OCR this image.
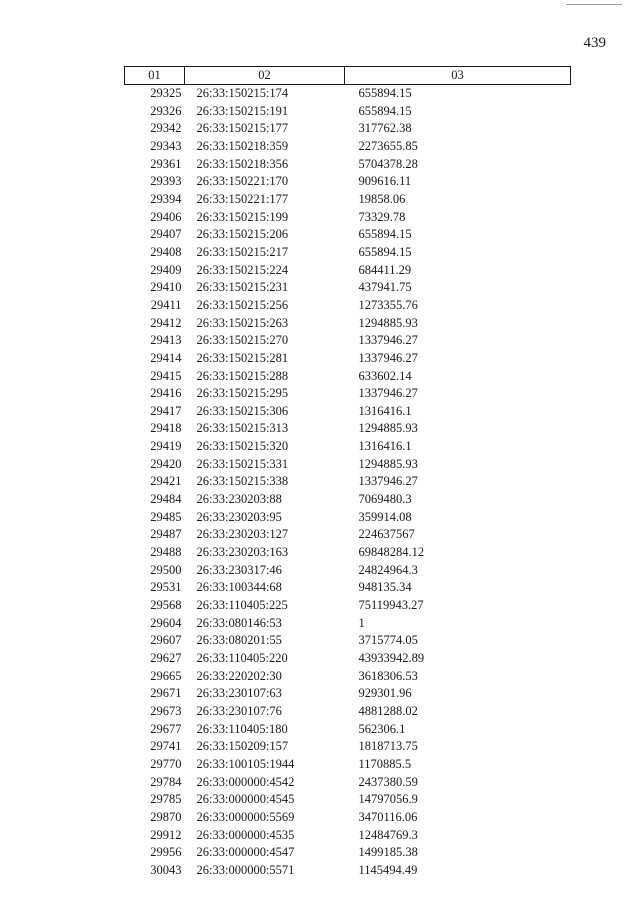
439
01	02	03
29325	26:33:150215:174	655894.15
29326	26:33:150215:191	655894.15
29342	26:33:150215:177	317762.38
29343	26:33:150218:359	2273655.85
29361	26:33:150218:356	5704378.28
29393	26:33:150221:170	909616.11
29394	26:33:150221:177	19858.06
29406	26:33:150215:199	73329.78
29407	26:33:150215:206	655894.15
29408	26:33:150215:217	655894.15
29409	26:33:150215:224	684411.29
29410	26:33:150215:231	437941.75
29411	26:33:150215:256	1273355.76
29412	26:33:150215:263	1294885.93
29413	26:33:150215:270	1337946.27
29414	26:33:150215:281	1337946.27
29415	26:33:150215:288	633602.14
29416	26:33:150215:295	1337946.27
29417	26:33:150215:306	1316416.1
29418	26:33:150215:313	1294885.93
29419	26:33:150215:320	1316416.1
29420	26:33:150215:331	1294885.93
29421	26:33:150215:338	1337946.27
29484	26:33:230203:88	7069480.3
29485	26:33:230203:95	359914.08
29487	26:33:230203:127	224637567
29488	26:33:230203:163	69848284.12
29500	26:33:230317:46	24824964.3
29531	26:33:100344:68	948135.34
29568	26:33:110405:225	75119943.27
29604	26:33:080146:53	1
29607	26:33:080201:55	3715774.05
29627	26:33:110405:220	43933942.89
29665	26:33:220202:30	3618306.53
29671	26:33:230107:63	929301.96
29673	26:33:230107:76	4881288.02
29677	26:33:110405:180	562306.1
29741	26:33:150209:157	1818713.75
29770	26:33:100105:1944	1170885.5
29784	26:33:000000:4542	2437380.59
29785	26:33:000000:4545	14797056.9
29870	26:33:000000:5569	3470116.06
29912	26:33:000000:4535	12484769.3
29956	26:33:000000:4547	1499185.38
30043	26:33:000000:5571	1145494.49
